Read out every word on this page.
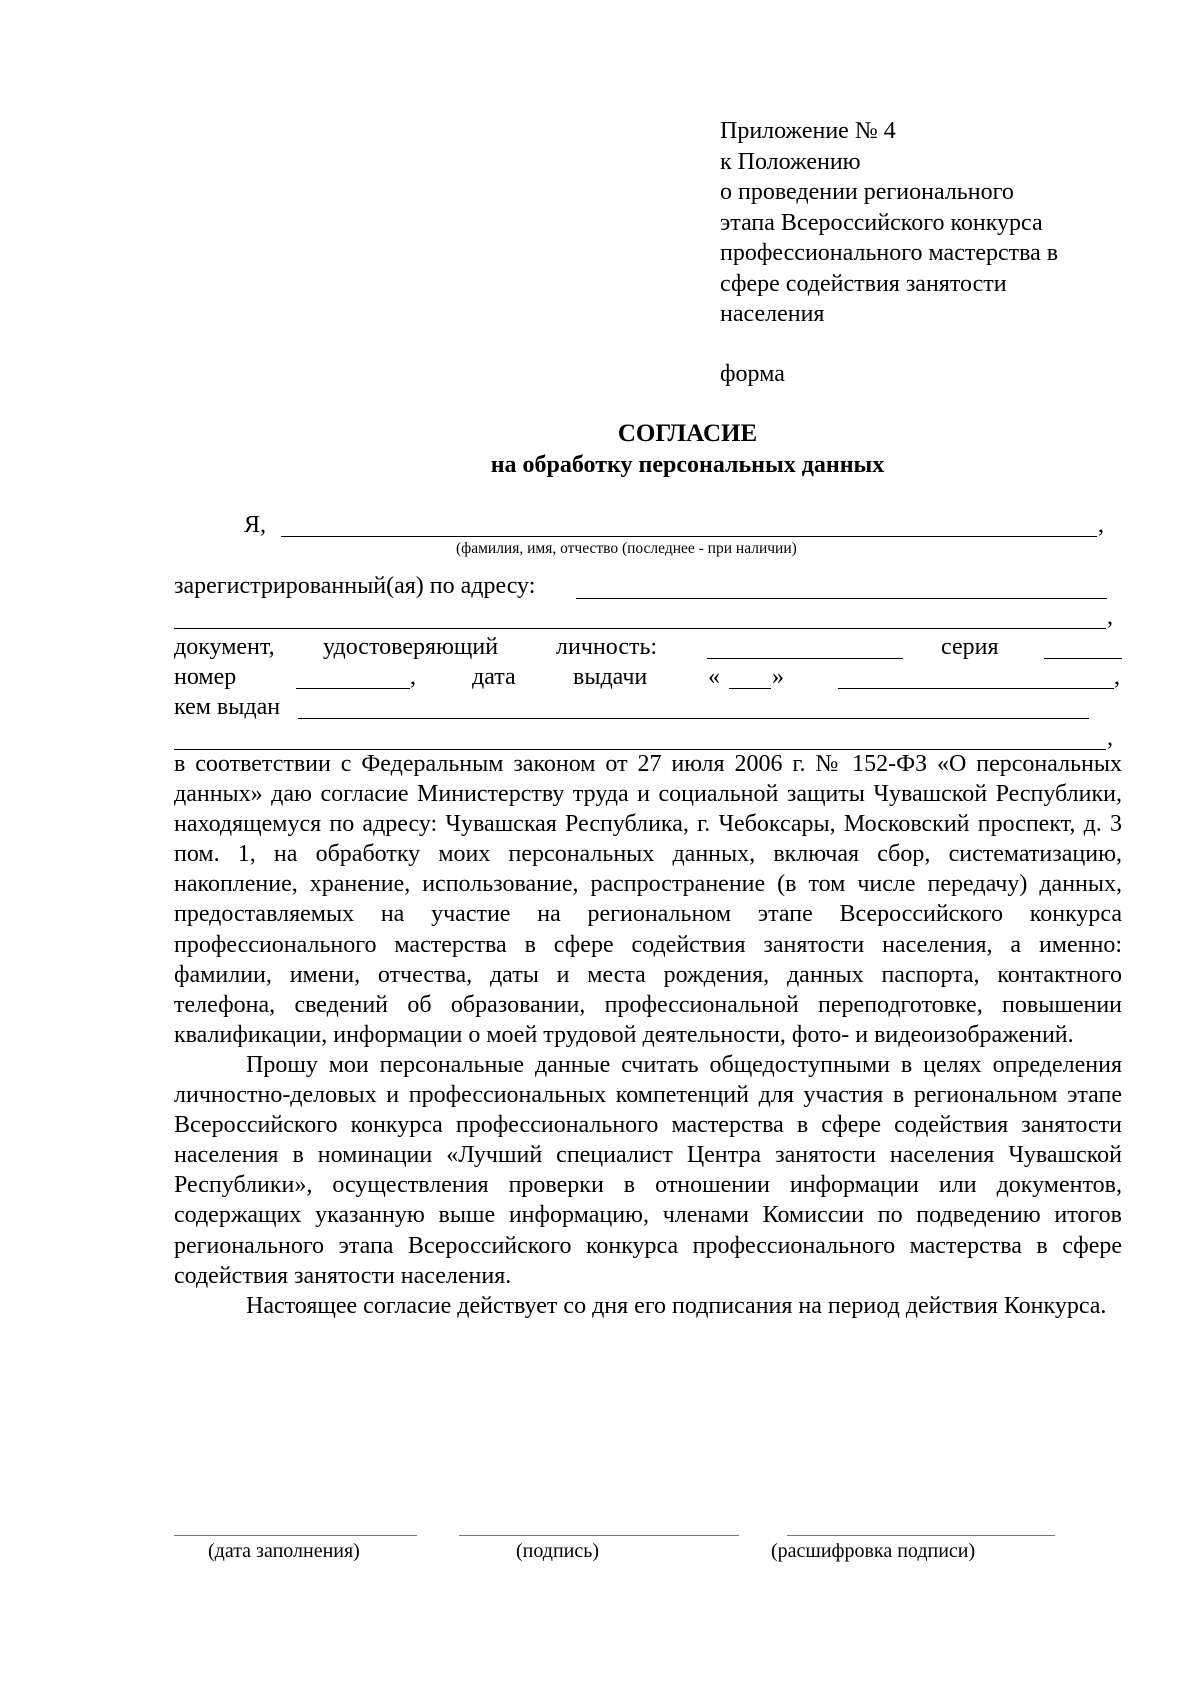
Приложение № 4
к Положению
о проведении регионального
этапа Всероссийского конкурса
профессионального мастерства в
сфере содействия занятости
населения
форма
СОГЛАСИЕ
на обработку персональных данных
Я,	,
(фамилия, имя, отчество (последнее - при наличии)
зарегистрированный(ая) по адресу:
,
документ, удостоверяющий личность:	серия
номер	, дата выдачи	« »	,
кем выдан
,

в соответствии с Федеральным законом от 27 июля 2006 г. № 152-ФЗ «О персональных данных» даю согласие Министерству труда и социальной защиты Чувашской Республики, находящемуся по адресу: Чувашская Республика, г. Чебоксары, Московский проспект, д. 3 пом. 1, на обработку моих персональных данных, включая сбор, систематизацию, накопление, хранение, использование, распространение (в том числе передачу) данных, предоставляемых на участие на региональном этапе Всероссийского конкурса профессионального мастерства в сфере содействия занятости населения, а именно: фамилии, имени, отчества, даты и места рождения, данных паспорта, контактного телефона, сведений об образовании, профессиональной переподготовке, повышении квалификации, информации о моей трудовой деятельности, фото- и видеоизображений.

Прошу мои персональные данные считать общедоступными в целях определения личностно-деловых и профессиональных компетенций для участия в региональном этапе Всероссийского конкурса профессионального мастерства в сфере содействия занятости населения в номинации «Лучший специалист Центра занятости населения Чувашской Республики», осуществления проверки в отношении информации или документов, содержащих указанную выше информацию, членами Комиссии по подведению итогов регионального этапа Всероссийского конкурса профессионального мастерства в сфере содействия занятости населения.

Настоящее согласие действует со дня его подписания на период действия Конкурса.

(дата заполнения)	(подпись)	(расшифровка подписи)
